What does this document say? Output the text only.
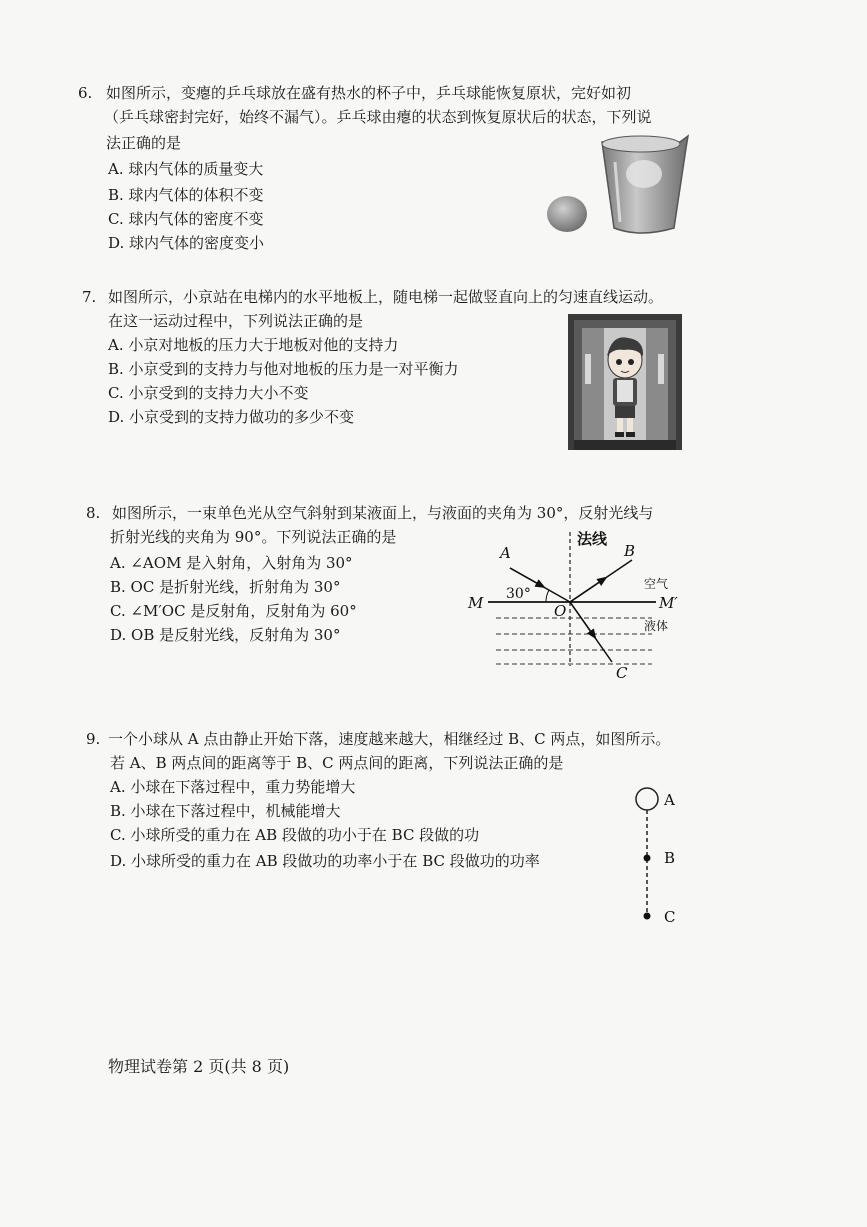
6. 如图所示，变瘪的乒乓球放在盛有热水的杯子中，乒乓球能恢复原状，完好如初
（乒乓球密封完好，始终不漏气）。乒乓球由瘪的状态到恢复原状后的状态，下列说
法正确的是
A. 球内气体的质量变大
B. 球内气体的体积不变
C. 球内气体的密度不变
D. 球内气体的密度变小
7. 如图所示，小京站在电梯内的水平地板上，随电梯一起做竖直向上的匀速直线运动。
在这一运动过程中，下列说法正确的是
A. 小京对地板的压力大于地板对他的支持力
B. 小京受到的支持力与他对地板的压力是一对平衡力
C. 小京受到的支持力大小不变
D. 小京受到的支持力做功的多少不变
8. 如图所示，一束单色光从空气斜射到某液面上，与液面的夹角为 30°，反射光线与
折射光线的夹角为 90°。下列说法正确的是
A. ∠AOM 是入射角，入射角为 30°
B. OC 是折射光线，折射角为 30°
C. ∠M′OC 是反射角，反射角为 60°
D. OB 是反射光线，反射角为 30°
法线
A	B
C
M	M′
O
30°
空气
液体
9. 一个小球从 A 点由静止开始下落，速度越来越大，相继经过 B、C 两点，如图所示。
若 A、B 两点间的距离等于 B、C 两点间的距离，下列说法正确的是
A. 小球在下落过程中，重力势能增大
B. 小球在下落过程中，机械能增大
C. 小球所受的重力在 AB 段做的功小于在 BC 段做的功
D. 小球所受的重力在 AB 段做功的功率小于在 BC 段做功的功率
A
B
C
物理试卷第 2 页(共 8 页)
